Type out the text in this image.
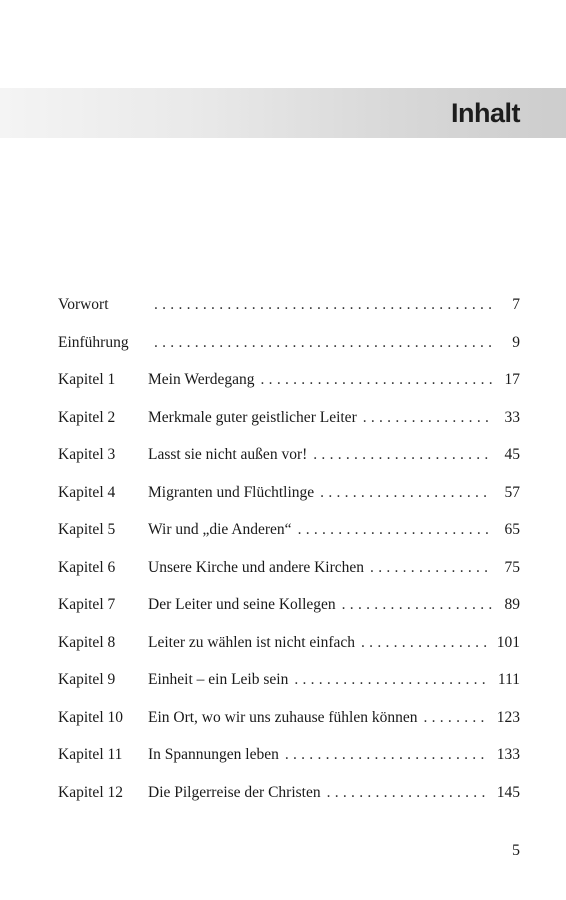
Inhalt
Vorwort . . .	7
Einführung . . .	9
Kapitel 1	Mein Werdegang . . .	17
Kapitel 2	Merkmale guter geistlicher Leiter . . .	33
Kapitel 3	Lasst sie nicht außen vor! . . .	45
Kapitel 4	Migranten und Flüchtlinge . . .	57
Kapitel 5	Wir und „die Anderen“ . . .	65
Kapitel 6	Unsere Kirche und andere Kirchen . . .	75
Kapitel 7	Der Leiter und seine Kollegen . . .	89
Kapitel 8	Leiter zu wählen ist nicht einfach . . .	101
Kapitel 9	Einheit – ein Leib sein . . .	111
Kapitel 10	Ein Ort, wo wir uns zuhause fühlen können . . .	123
Kapitel 11	In Spannungen leben . . .	133
Kapitel 12	Die Pilgerreise der Christen . . .	145
5
